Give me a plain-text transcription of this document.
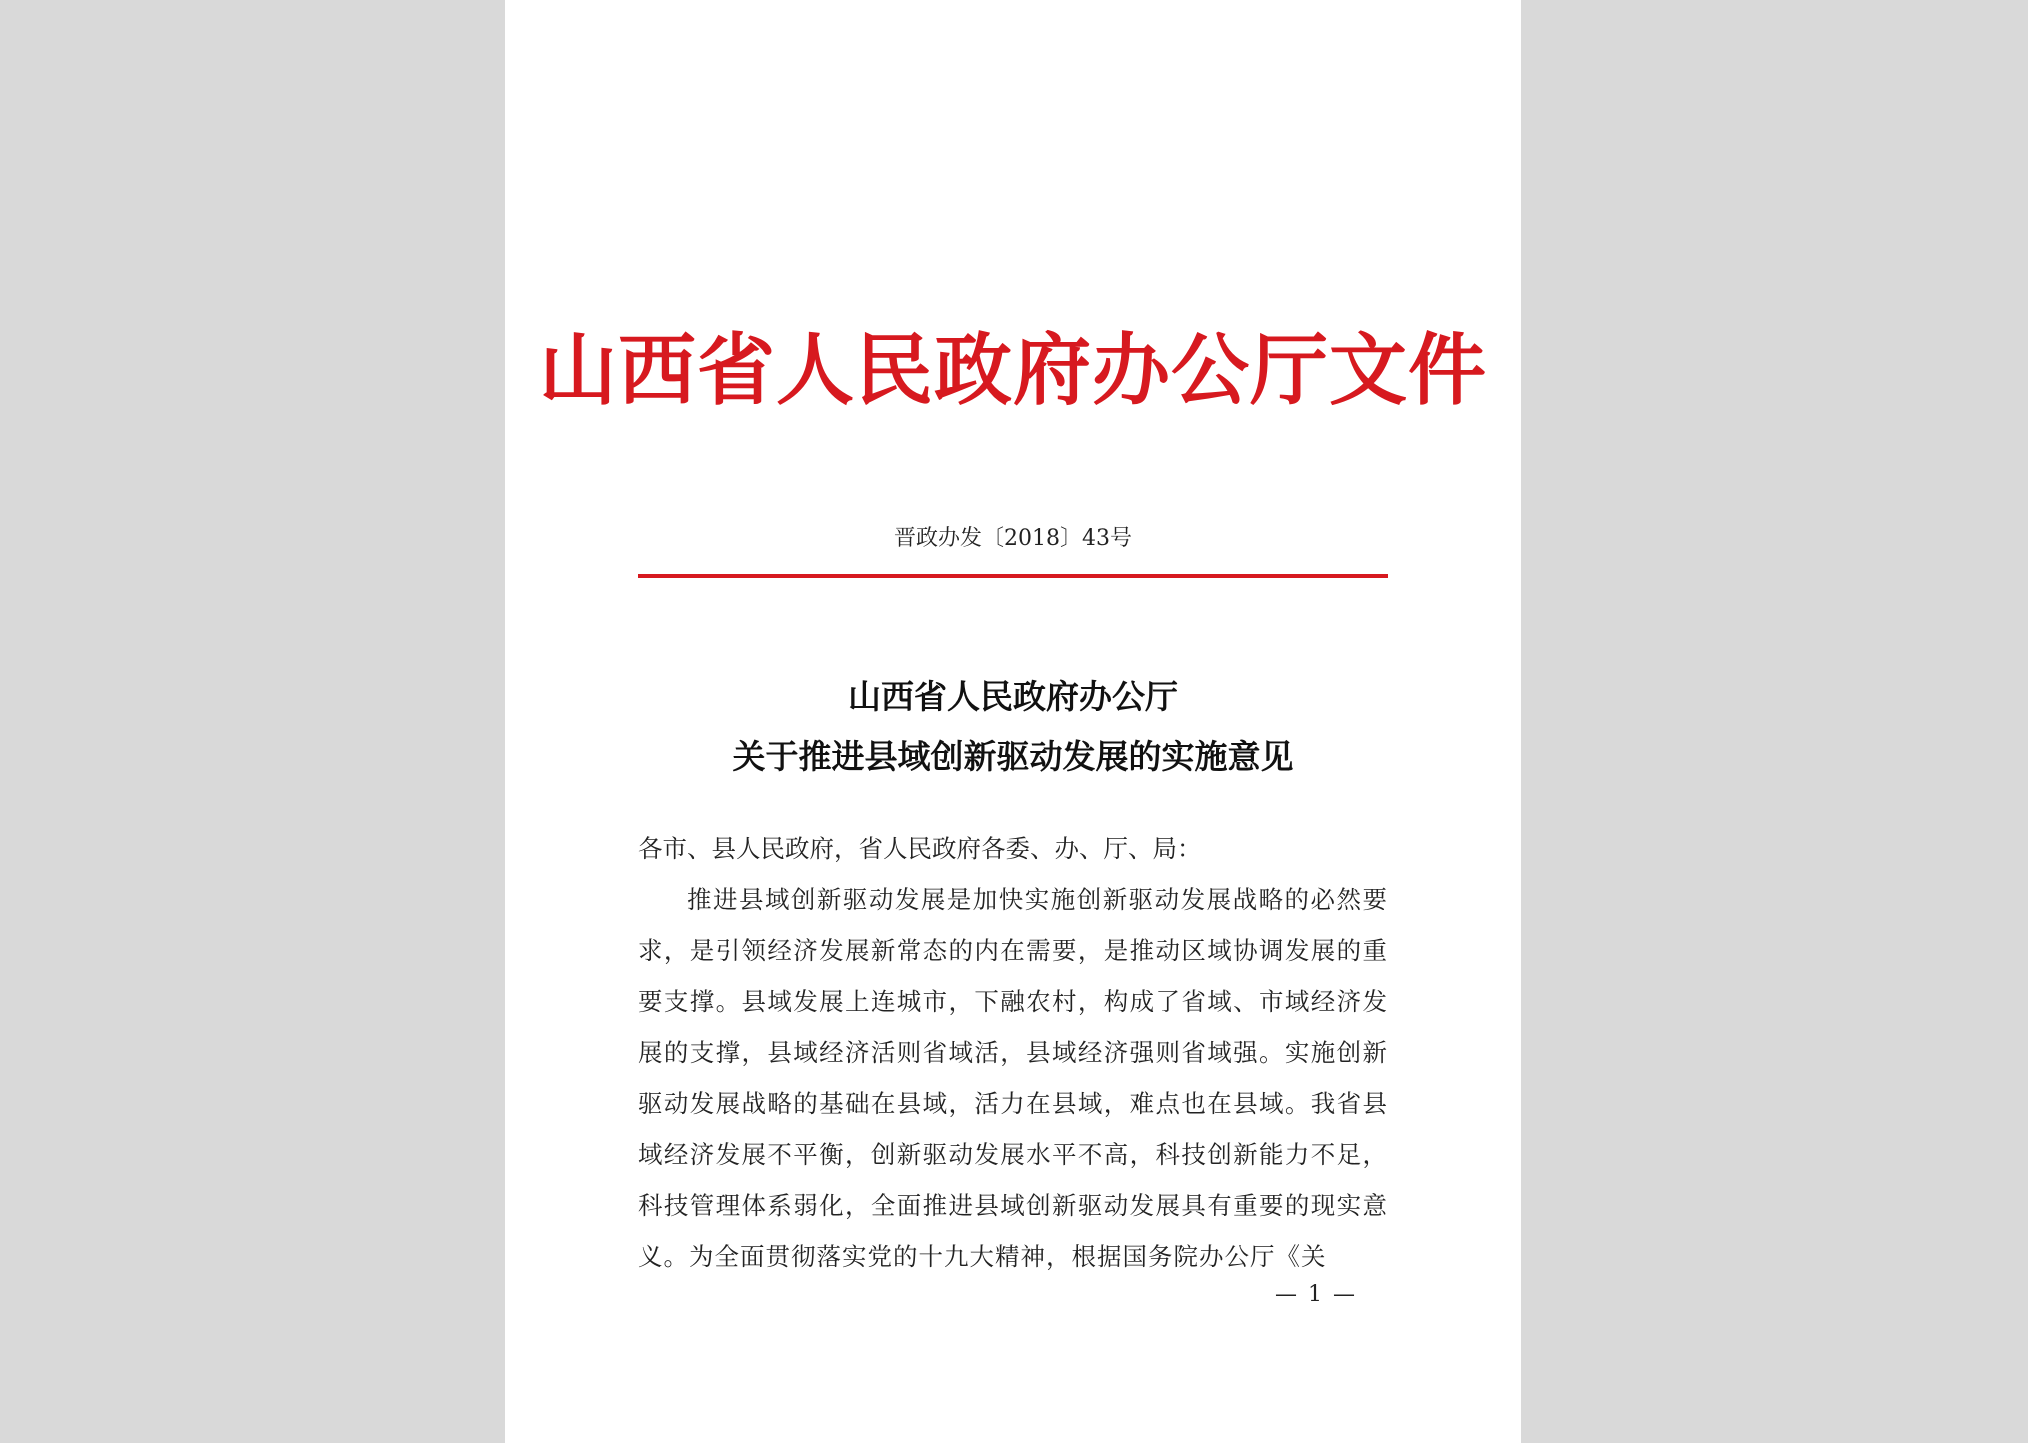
山西省人民政府办公厅文件
晋政办发〔2018〕43号
山西省人民政府办公厅
关于推进县域创新驱动发展的实施意见

各市、县人民政府，省人民政府各委、办、厅、局：

推进县域创新驱动发展是加快实施创新驱动发展战略的必然要求，是引领经济发展新常态的内在需要，是推动区域协调发展的重要支撑。县域发展上连城市，下融农村，构成了省域、市域经济发展的支撑，县域经济活则省域活，县域经济强则省域强。实施创新驱动发展战略的基础在县域，活力在县域，难点也在县域。我省县域经济发展不平衡，创新驱动发展水平不高，科技创新能力不足，科技管理体系弱化，全面推进县域创新驱动发展具有重要的现实意义。为全面贯彻落实党的十九大精神，根据国务院办公厅《关

— 1 —
